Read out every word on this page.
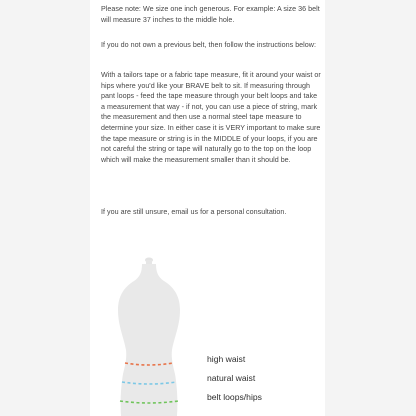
Please note: We size one inch generous. For example: A size 36 belt will measure 37 inches to the middle hole.

If you do not own a previous belt, then follow the instructions below:

With a tailors tape or a fabric tape measure, fit it around your waist or hips where you'd like your BRAVE belt to sit. If measuring through pant loops - feed the tape measure through your belt loops and take a measurement that way - if not, you can use a piece of string, mark the measurement and then use a normal steel tape measure to determine your size. In either case it is VERY important to make sure the tape measure or string is in the MIDDLE of your loops, if you are not careful the string or tape will naturally go to the top on the loop which will make the measurement smaller than it should be.

If you are still unsure, email us for a personal consultation.

high waist
natural waist
belt loops/hips
